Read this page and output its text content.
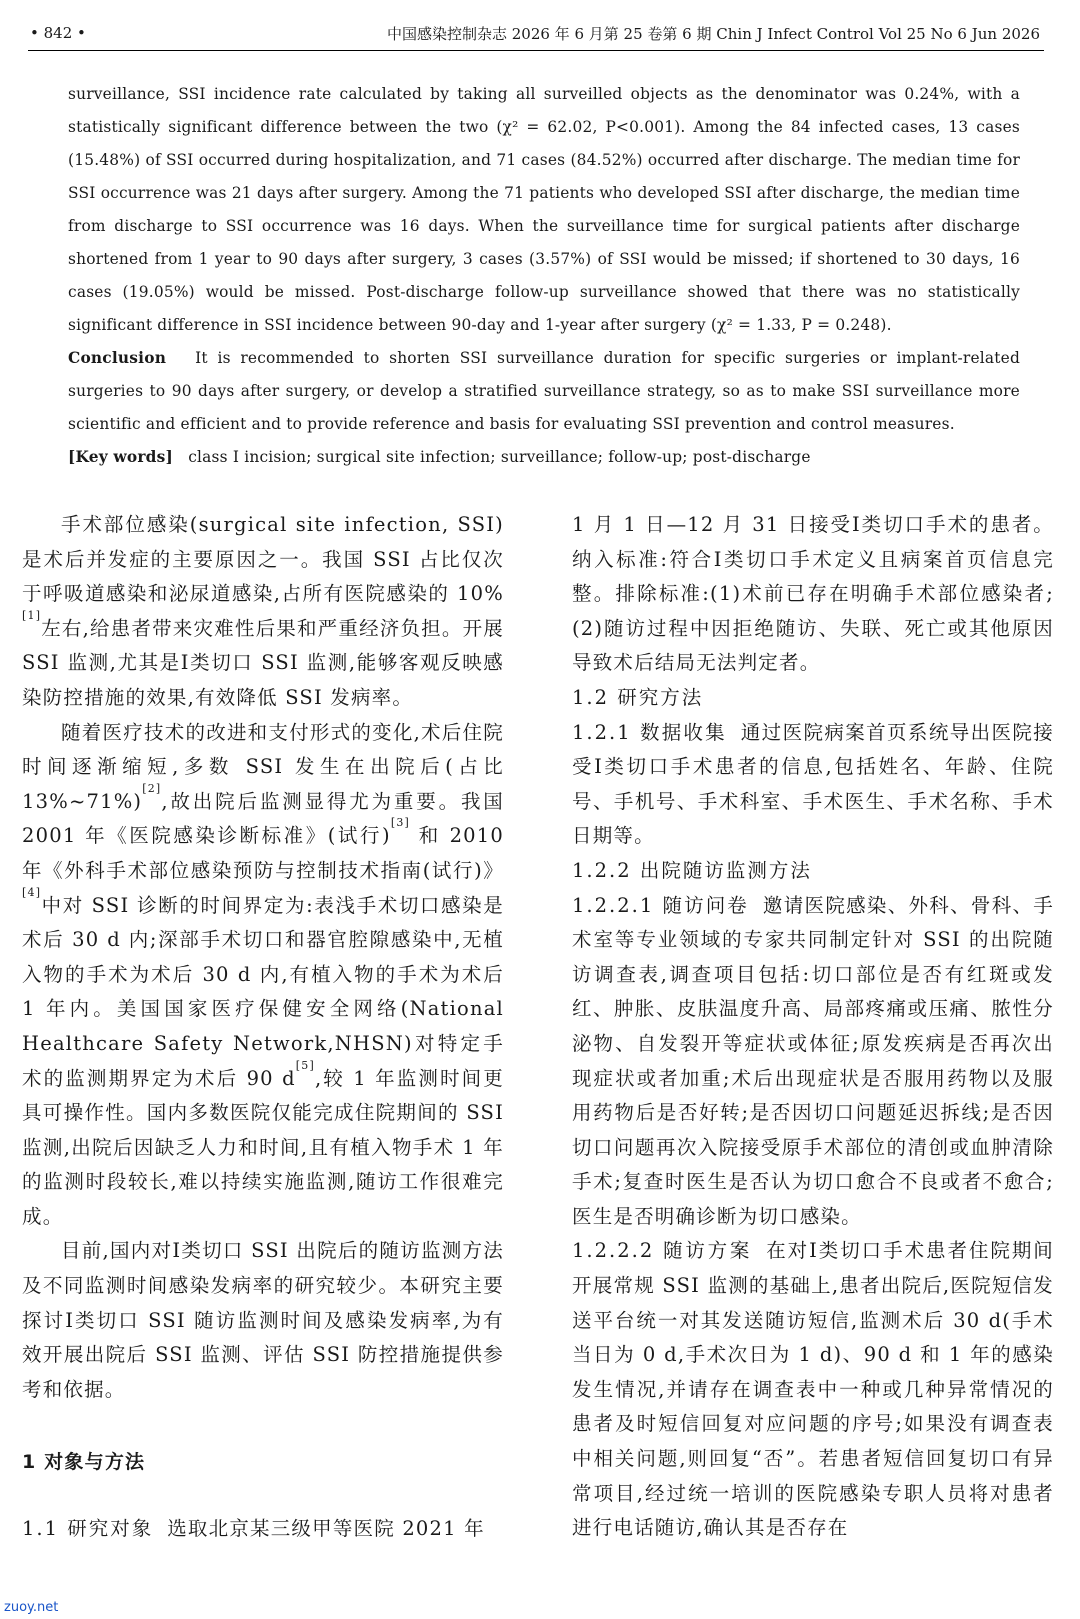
• 842 •	中国感染控制杂志 2026 年 6 月第 25 卷第 6 期 Chin J Infect Control Vol 25 No 6 Jun 2026

surveillance, SSI incidence rate calculated by taking all surveilled objects as the denominator was 0.24%, with a statistically significant difference between the two (χ² = 62.02, P<0.001). Among the 84 infected cases, 13 cases (15.48%) of SSI occurred during hospitalization, and 71 cases (84.52%) occurred after discharge. The median time for SSI occurrence was 21 days after surgery. Among the 71 patients who developed SSI after discharge, the median time from discharge to SSI occurrence was 16 days. When the surveillance time for surgical patients after discharge shortened from 1 year to 90 days after surgery, 3 cases (3.57%) of SSI would be missed; if shortened to 30 days, 16 cases (19.05%) would be missed. Post-discharge follow-up surveillance showed that there was no statistically significant difference in SSI incidence between 90-day and 1-year after surgery (χ² = 1.33, P = 0.248).

Conclusion It is recommended to shorten SSI surveillance duration for specific surgeries or implant-related surgeries to 90 days after surgery, or develop a stratified surveillance strategy, so as to make SSI surveillance more scientific and efficient and to provide reference and basis for evaluating SSI prevention and control measures.

[Key words] class I incision; surgical site infection; surveillance; follow-up; post-discharge

手术部位感染(surgical site infection, SSI)是术后并发症的主要原因之一。我国 SSI 占比仅次于呼吸道感染和泌尿道感染,占所有医院感染的 10%[1]左右,给患者带来灾难性后果和严重经济负担。开展 SSI 监测,尤其是Ⅰ类切口 SSI 监测,能够客观反映感染防控措施的效果,有效降低 SSI 发病率。

随着医疗技术的改进和支付形式的变化,术后住院时间逐渐缩短,多数 SSI 发生在出院后(占比 13%~71%)[2],故出院后监测显得尤为重要。我国 2001 年《医院感染诊断标准》(试行)[3] 和 2010 年《外科手术部位感染预防与控制技术指南(试行)》[4]中对 SSI 诊断的时间界定为:表浅手术切口感染是术后 30 d 内;深部手术切口和器官腔隙感染中,无植入物的手术为术后 30 d 内,有植入物的手术为术后 1 年内。美国国家医疗保健安全网络(National Healthcare Safety Network,NHSN)对特定手术的监测期界定为术后 90 d[5],较 1 年监测时间更具可操作性。国内多数医院仅能完成住院期间的 SSI 监测,出院后因缺乏人力和时间,且有植入物手术 1 年的监测时段较长,难以持续实施监测,随访工作很难完成。

目前,国内对Ⅰ类切口 SSI 出院后的随访监测方法及不同监测时间感染发病率的研究较少。本研究主要探讨Ⅰ类切口 SSI 随访监测时间及感染发病率,为有效开展出院后 SSI 监测、评估 SSI 防控措施提供参考和依据。

1 对象与方法

1.1 研究对象 选取北京某三级甲等医院 2021 年

1 月 1 日—12 月 31 日接受Ⅰ类切口手术的患者。纳入标准:符合Ⅰ类切口手术定义且病案首页信息完整。排除标准:(1)术前已存在明确手术部位感染者;(2)随访过程中因拒绝随访、失联、死亡或其他原因导致术后结局无法判定者。

1.2 研究方法

1.2.1 数据收集 通过医院病案首页系统导出医院接受Ⅰ类切口手术患者的信息,包括姓名、年龄、住院号、手机号、手术科室、手术医生、手术名称、手术日期等。

1.2.2 出院随访监测方法

1.2.2.1 随访问卷 邀请医院感染、外科、骨科、手术室等专业领域的专家共同制定针对 SSI 的出院随访调查表,调查项目包括:切口部位是否有红斑或发红、肿胀、皮肤温度升高、局部疼痛或压痛、脓性分泌物、自发裂开等症状或体征;原发疾病是否再次出现症状或者加重;术后出现症状是否服用药物以及服用药物后是否好转;是否因切口问题延迟拆线;是否因切口问题再次入院接受原手术部位的清创或血肿清除手术;复查时医生是否认为切口愈合不良或者不愈合;医生是否明确诊断为切口感染。

1.2.2.2 随访方案 在对Ⅰ类切口手术患者住院期间开展常规 SSI 监测的基础上,患者出院后,医院短信发送平台统一对其发送随访短信,监测术后 30 d(手术当日为 0 d,手术次日为 1 d)、90 d 和 1 年的感染发生情况,并请存在调查表中一种或几种异常情况的患者及时短信回复对应问题的序号;如果没有调查表中相关问题,则回复“否”。若患者短信回复切口有异常项目,经过统一培训的医院感染专职人员将对患者进行电话随访,确认其是否存在

zuoy.net
